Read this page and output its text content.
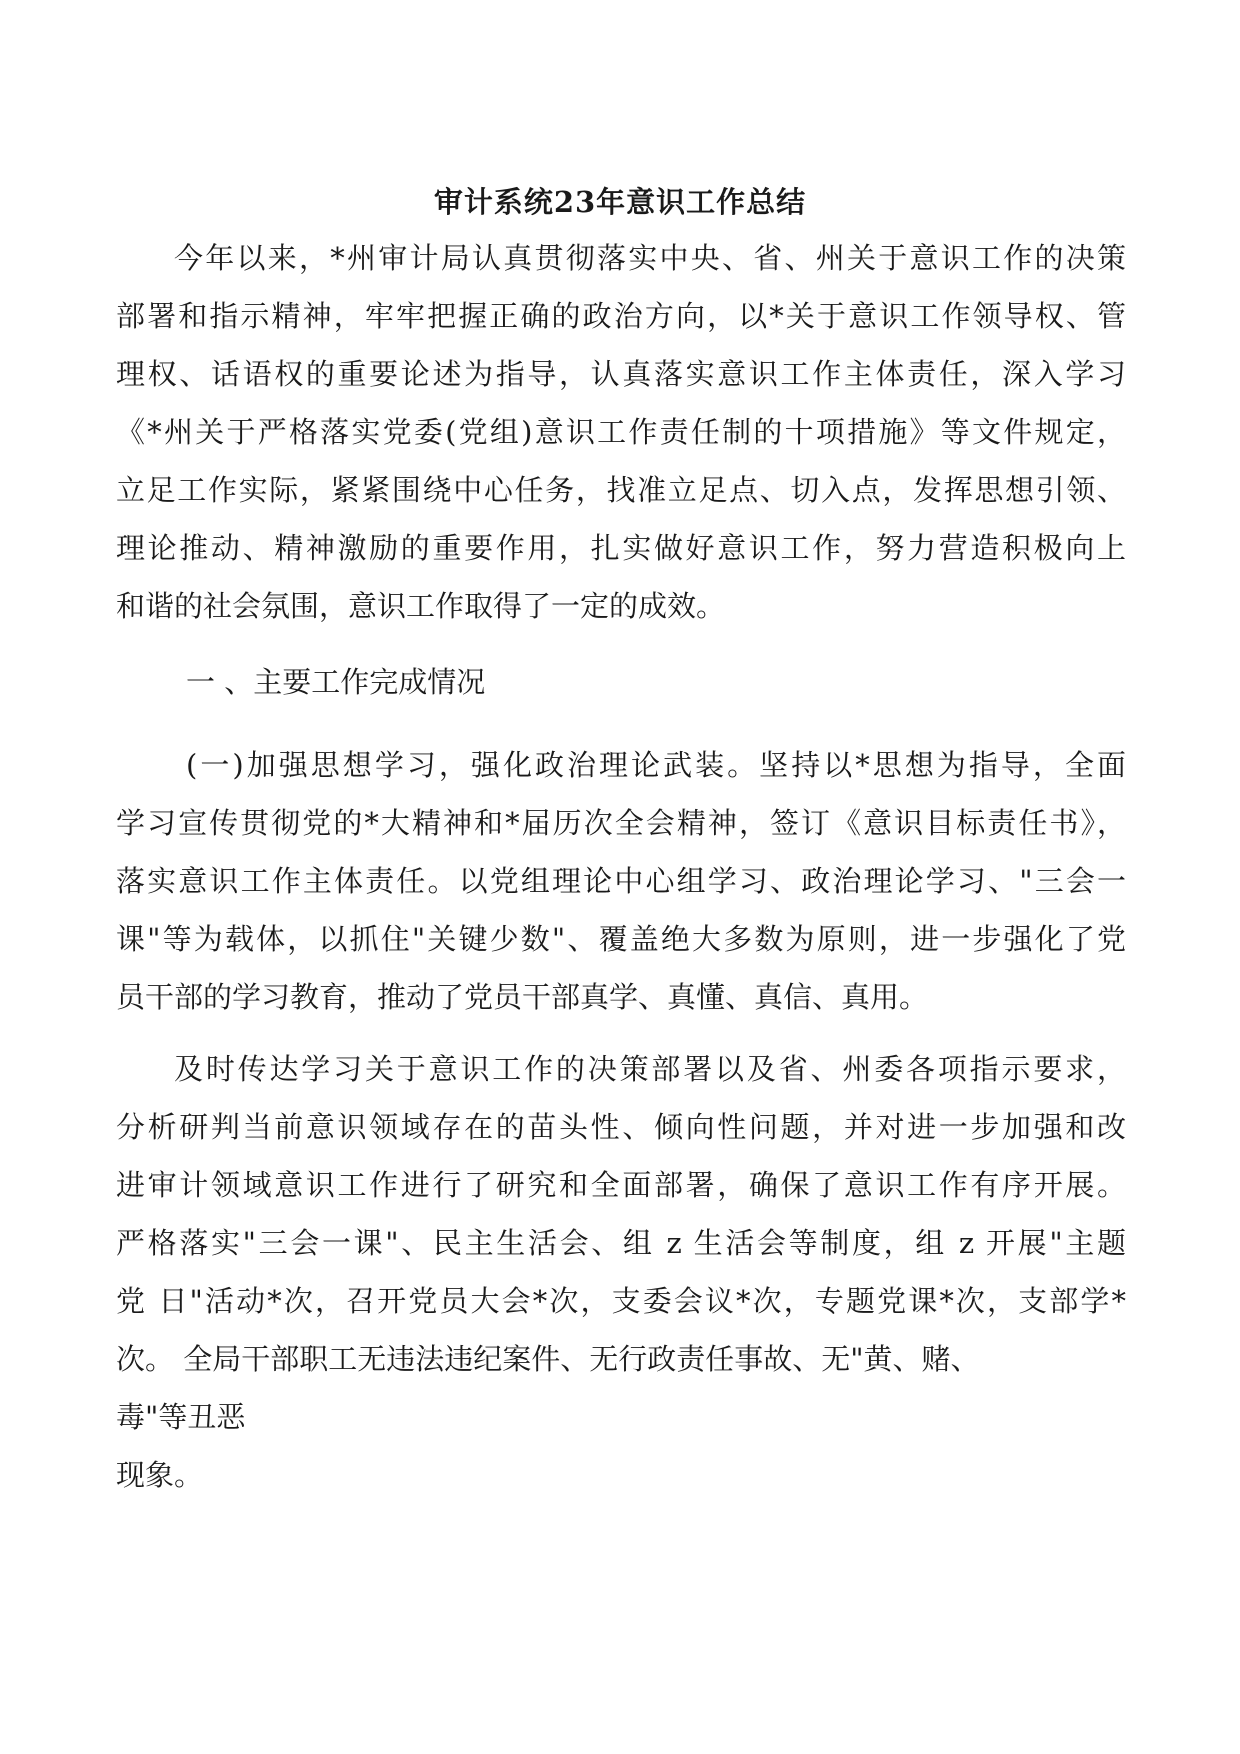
审计系统23年意识工作总结
今年以来，*州审计局认真贯彻落实中央、省、州关于意识工作的决策
部署和指示精神，牢牢把握正确的政治方向，以*关于意识工作领导权、管
理权、话语权的重要论述为指导，认真落实意识工作主体责任，深入学习
《*州关于严格落实党委(党组)意识工作责任制的十项措施》等文件规定，
立足工作实际，紧紧围绕中心任务，找准立足点、切入点，发挥思想引领、
理论推动、精神激励的重要作用，扎实做好意识工作，努力营造积极向上
和谐的社会氛围，意识工作取得了一定的成效。
一 、主要工作完成情况
(一)加强思想学习，强化政治理论武装。坚持以*思想为指导，全面
学习宣传贯彻党的*大精神和*届历次全会精神，签订《意识目标责任书》，
落实意识工作主体责任。以党组理论中心组学习、政治理论学习、"三会一
课"等为载体，以抓住"关键少数"、覆盖绝大多数为原则，进一步强化了党
员干部的学习教育，推动了党员干部真学、真懂、真信、真用。
及时传达学习关于意识工作的决策部署以及省、州委各项指示要求，
分析研判当前意识领域存在的苗头性、倾向性问题，并对进一步加强和改
进审计领域意识工作进行了研究和全面部署，确保了意识工作有序开展。
严格落实"三会一课"、民主生活会、组 z 生活会等制度，组 z 开展"主题
党 日"活动*次，召开党员大会*次，支委会议*次，专题党课*次，支部学*
次。 全局干部职工无违法违纪案件、无行政责任事故、无"黄、赌、
毒"等丑恶
现象。
